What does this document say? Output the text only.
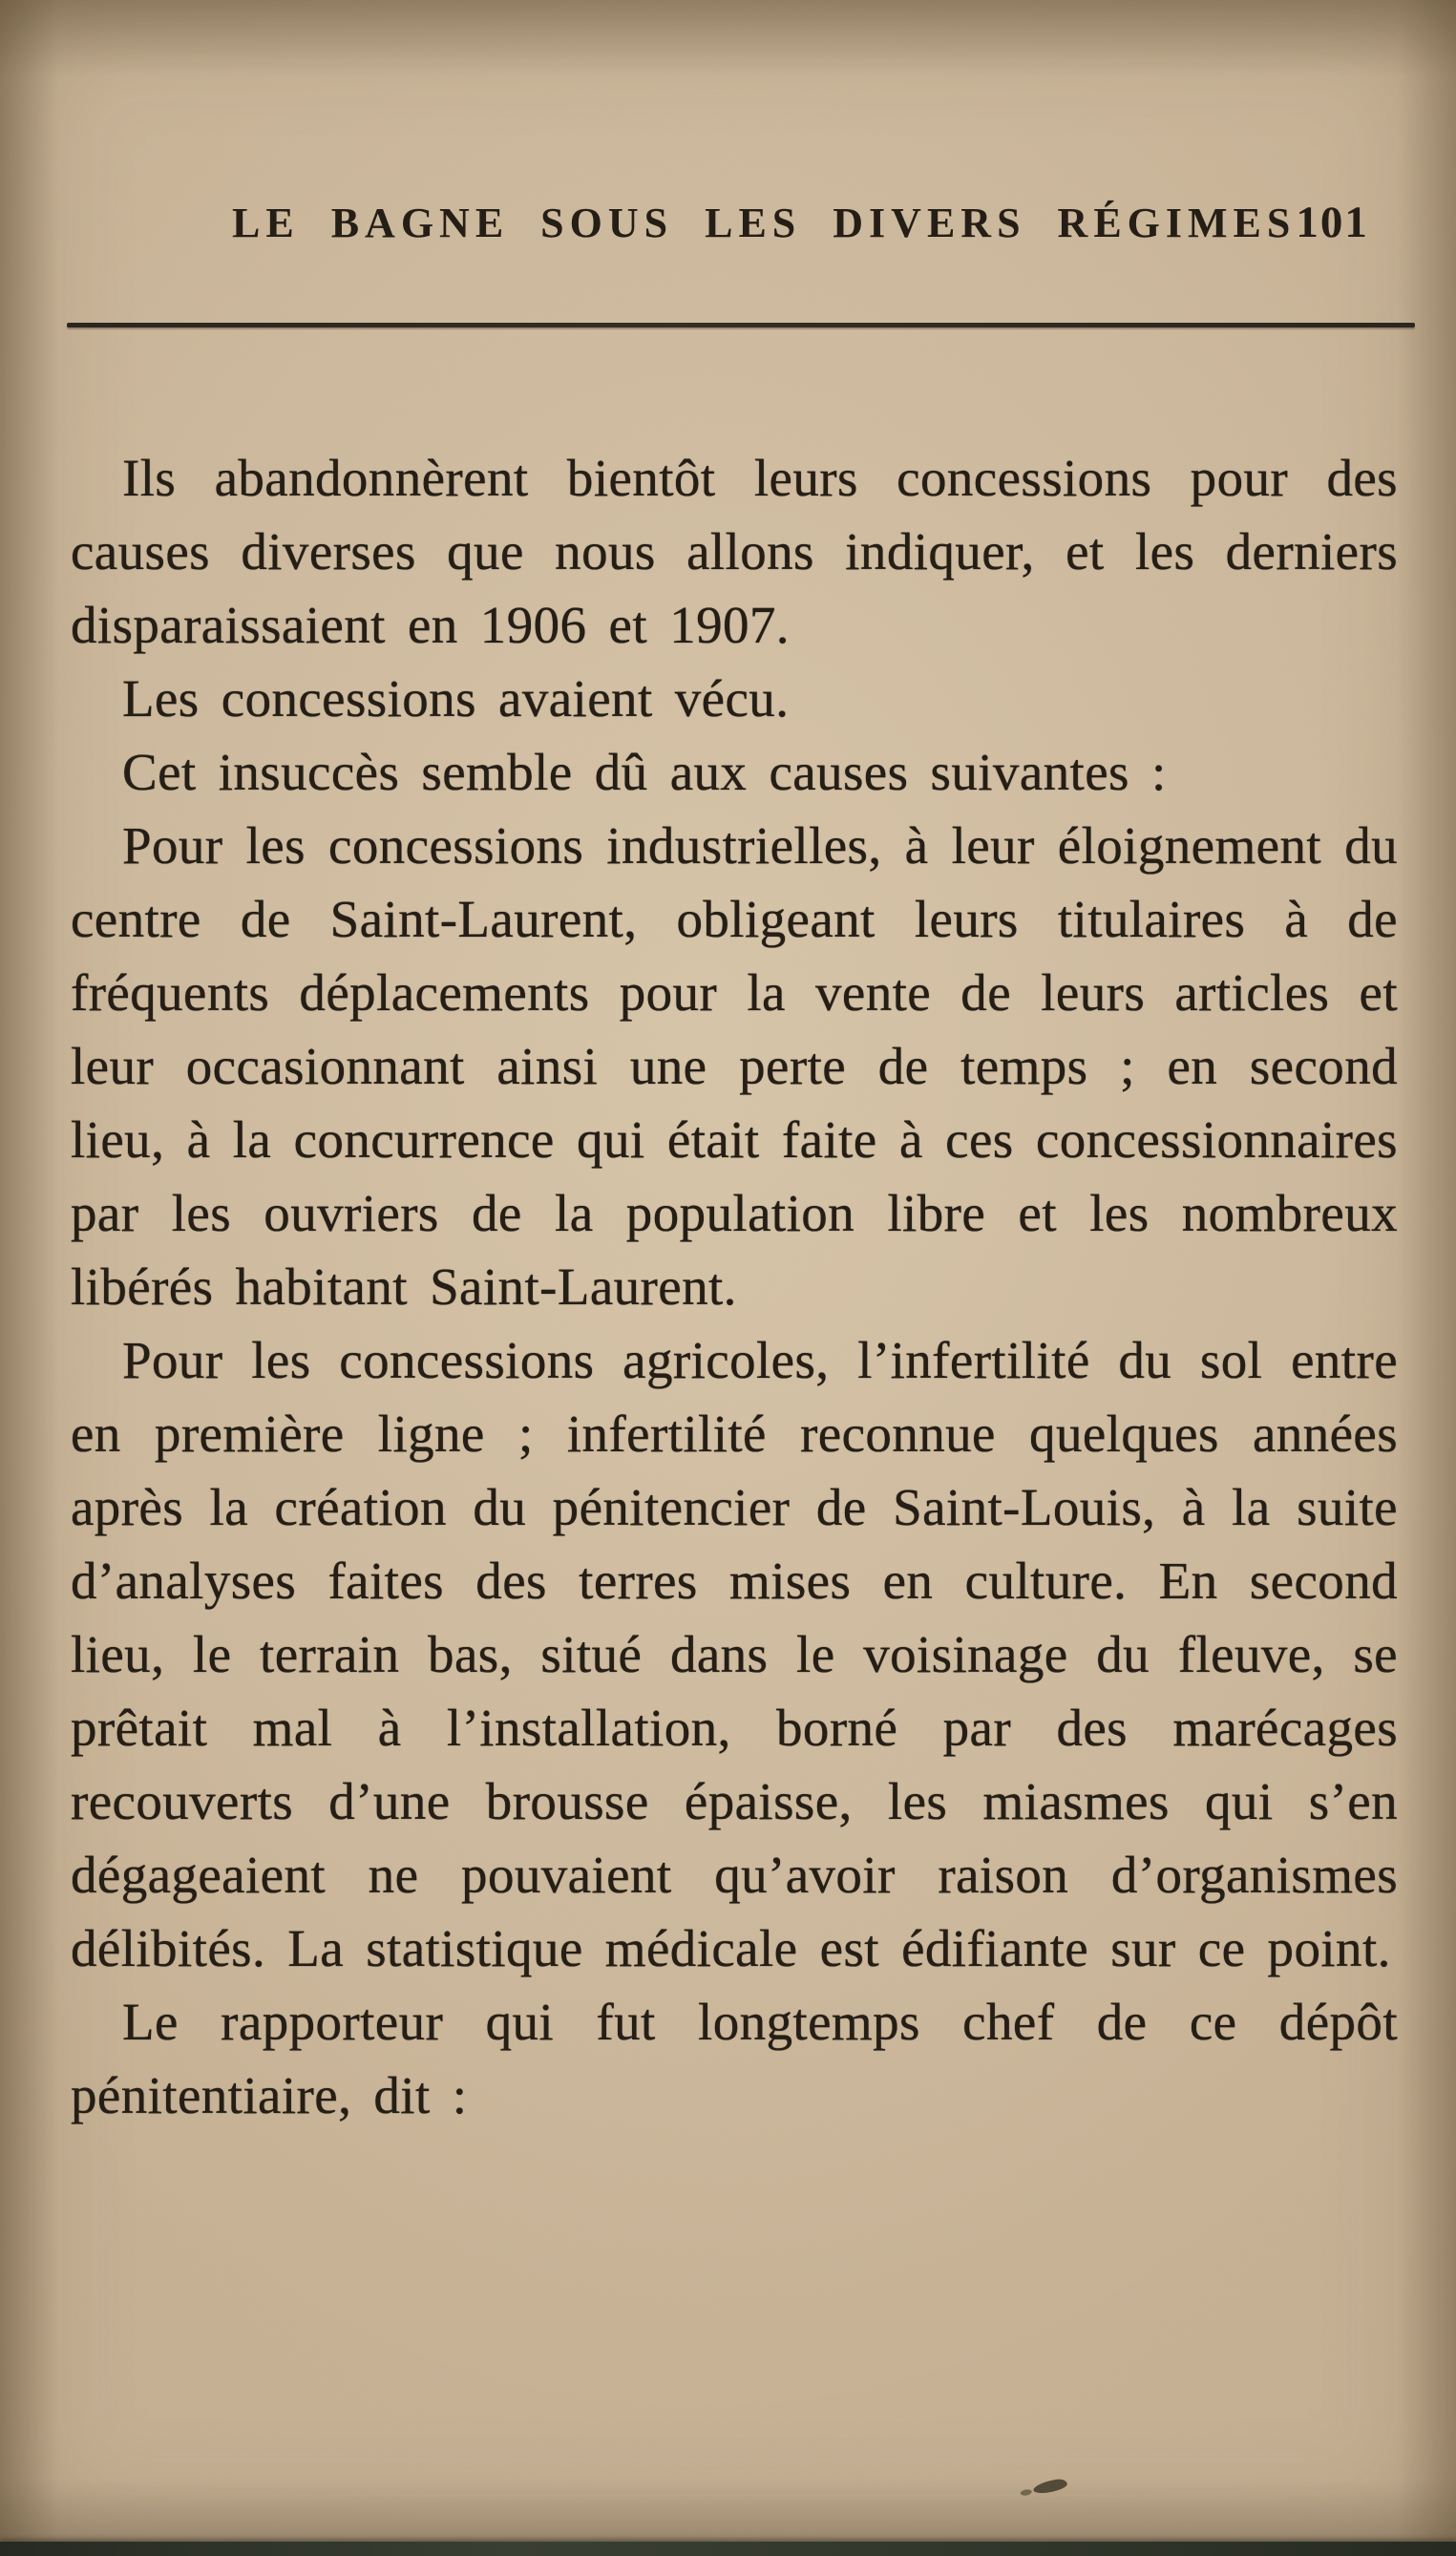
LE BAGNE SOUS LES DIVERS RÉGIMES 101

Ils abandonnèrent bientôt leurs concessions pour des causes diverses que nous allons indiquer, et les derniers disparaissaient en 1906 et 1907.

Les concessions avaient vécu.

Cet insuccès semble dû aux causes suivantes :

Pour les concessions industrielles, à leur éloignement du centre de Saint-Laurent, obligeant leurs titulaires à de fréquents déplacements pour la vente de leurs articles et leur occasionnant ainsi une perte de temps ; en second lieu, à la concurrence qui était faite à ces concessionnaires par les ouvriers de la population libre et les nombreux libérés habitant Saint-Laurent.

Pour les concessions agricoles, l’infertilité du sol entre en première ligne ; infertilité reconnue quelques années après la création du pénitencier de Saint-Louis, à la suite d’analyses faites des terres mises en culture. En second lieu, le terrain bas, situé dans le voisinage du fleuve, se prêtait mal à l’installation, borné par des marécages recouverts d’une brousse épaisse, les miasmes qui s’en dégageaient ne pouvaient qu’avoir raison d’organismes délibités. La statistique médicale est édifiante sur ce point.

Le rapporteur qui fut longtemps chef de ce dépôt pénitentiaire, dit :
